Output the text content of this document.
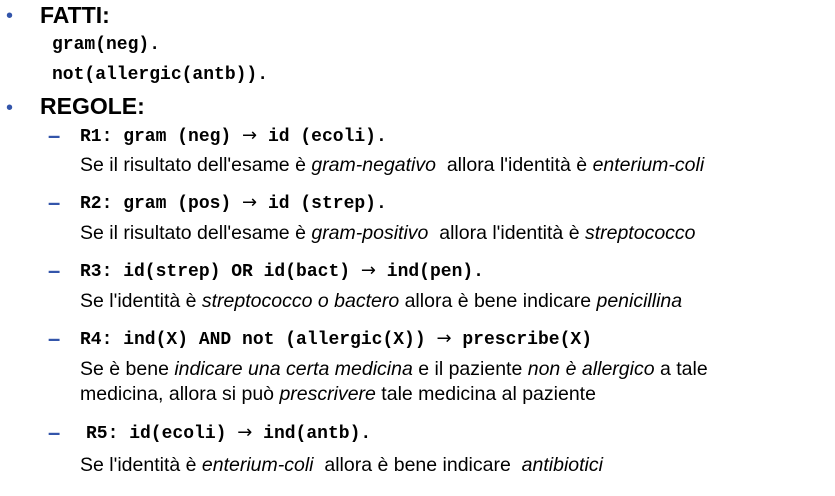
• FATTI:
gram(neg).
not(allergic(antb)).
• REGOLE:
– R1: gram (neg) → id (ecoli).
Se il risultato dell'esame è gram-negativo  allora l'identità è enterium-coli
– R2: gram (pos) → id (strep).
Se il risultato dell'esame è gram-positivo  allora l'identità è streptococco
– R3: id(strep) OR id(bact) → ind(pen).
Se l'identità è streptococco o bactero allora è bene indicare penicillina
– R4: ind(X) AND not (allergic(X)) → prescribe(X)
Se è bene indicare una certa medicina e il paziente non è allergico a tale
medicina, allora si può prescrivere tale medicina al paziente
– R5: id(ecoli) → ind(antb).
Se l'identità è enterium-coli  allora è bene indicare  antibiotici
